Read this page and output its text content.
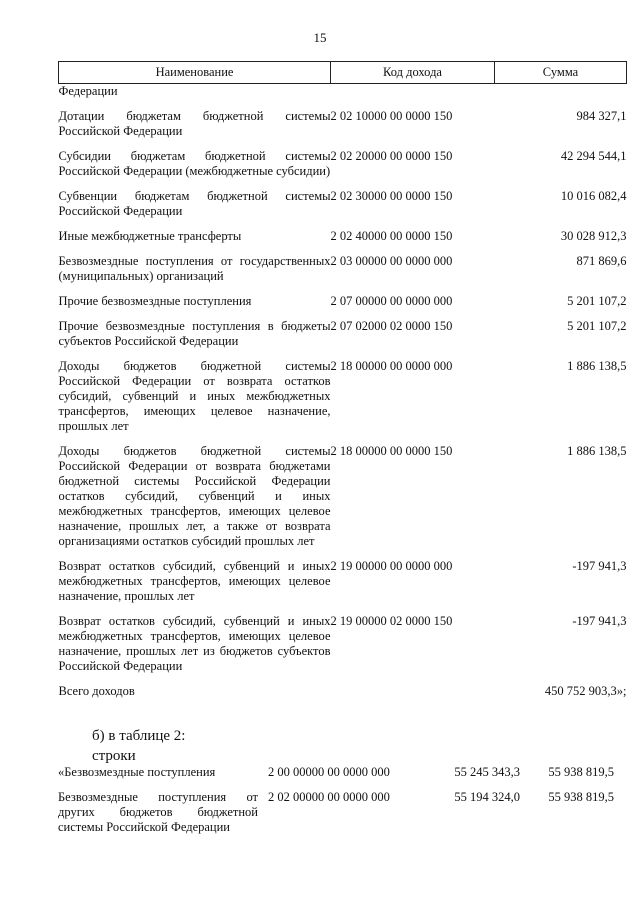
15
Наименование	Код дохода	Сумма
Федерации		
Дотации бюджетам бюджетной системы Российской Федерации	2 02 10000 00 0000 150	984 327,1
Субсидии бюджетам бюджетной системы Российской Федерации (межбюджетные субсидии)	2 02 20000 00 0000 150	42 294 544,1
Субвенции бюджетам бюджетной системы Российской Федерации	2 02 30000 00 0000 150	10 016 082,4
Иные межбюджетные трансферты	2 02 40000 00 0000 150	30 028 912,3
Безвозмездные поступления от государственных (муниципальных) организаций	2 03 00000 00 0000 000	871 869,6
Прочие безвозмездные поступления	2 07 00000 00 0000 000	5 201 107,2
Прочие безвозмездные поступления в бюджеты субъектов Российской Федерации	2 07 02000 02 0000 150	5 201 107,2
Доходы бюджетов бюджетной системы Российской Федерации от возврата остатков субсидий, субвенций и иных межбюджетных трансфертов, имеющих целевое назначение, прошлых лет	2 18 00000 00 0000 000	1 886 138,5
Доходы бюджетов бюджетной системы Российской Федерации от возврата бюджетами бюджетной системы Российской Федерации остатков субсидий, субвенций и иных межбюджетных трансфертов, имеющих целевое назначение, прошлых лет, а также от возврата организациями остатков субсидий прошлых лет	2 18 00000 00 0000 150	1 886 138,5
Возврат остатков субсидий, субвенций и иных межбюджетных трансфертов, имеющих целевое назначение, прошлых лет	2 19 00000 00 0000 000	-197 941,3
Возврат остатков субсидий, субвенций и иных межбюджетных трансфертов, имеющих целевое назначение, прошлых лет из бюджетов субъектов Российской Федерации	2 19 00000 02 0000 150	-197 941,3
Всего доходов		450 752 903,3»;
б) в таблице 2:
строки
«Безвозмездные поступления	2 00 00000 00 0000 000	55 245 343,3	55 938 819,5
Безвозмездные поступления от других бюджетов бюджетной системы Российской Федерации	2 02 00000 00 0000 000	55 194 324,0	55 938 819,5
